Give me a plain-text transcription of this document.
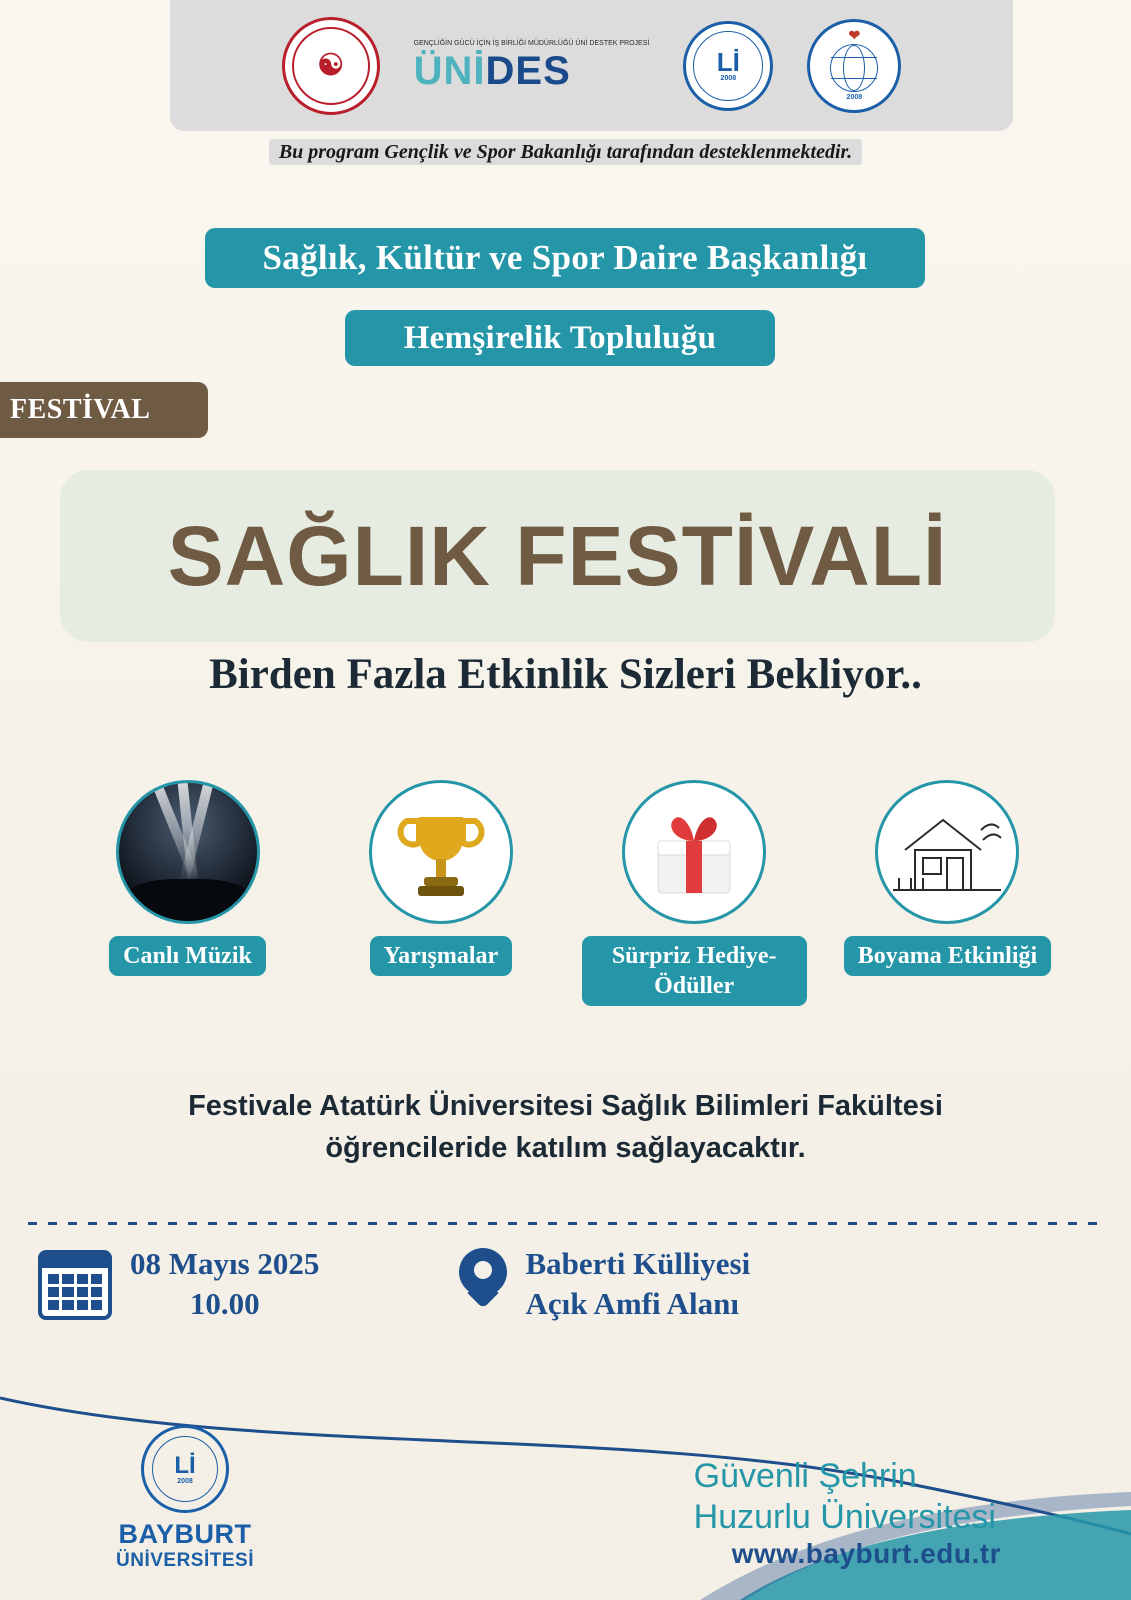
☯
GENÇLİĞİN GÜCÜ İÇİN İŞ BİRLİĞİ MÜDÜRLÜĞÜ ÜNİ DESTEK PROJESİ
ÜNİDES	Lİ
2008
❤
2008
Bu program Gençlik ve Spor Bakanlığı tarafından desteklenmektedir.
Sağlık, Kültür ve Spor Daire Başkanlığı
Hemşirelik Topluluğu
FESTİVAL
SAĞLIK FESTİVALİ
Birden Fazla Etkinlik Sizleri Bekliyor..
Canlı Müzik	Yarışmalar	Sürpriz Hediye-Ödüller
Boyama Etkinliği
Festivale Atatürk Üniversitesi Sağlık Bilimleri Fakültesi
öğrencileride katılım sağlayacaktır.
08 Mayıs 2025
10.00
Baberti Külliyesi
Açık Amfi Alanı
Lİ
2008
BAYBURT
ÜNİVERSİTESİ
Güvenli Şehrin
Huzurlu Üniversitesi
www.bayburt.edu.tr
